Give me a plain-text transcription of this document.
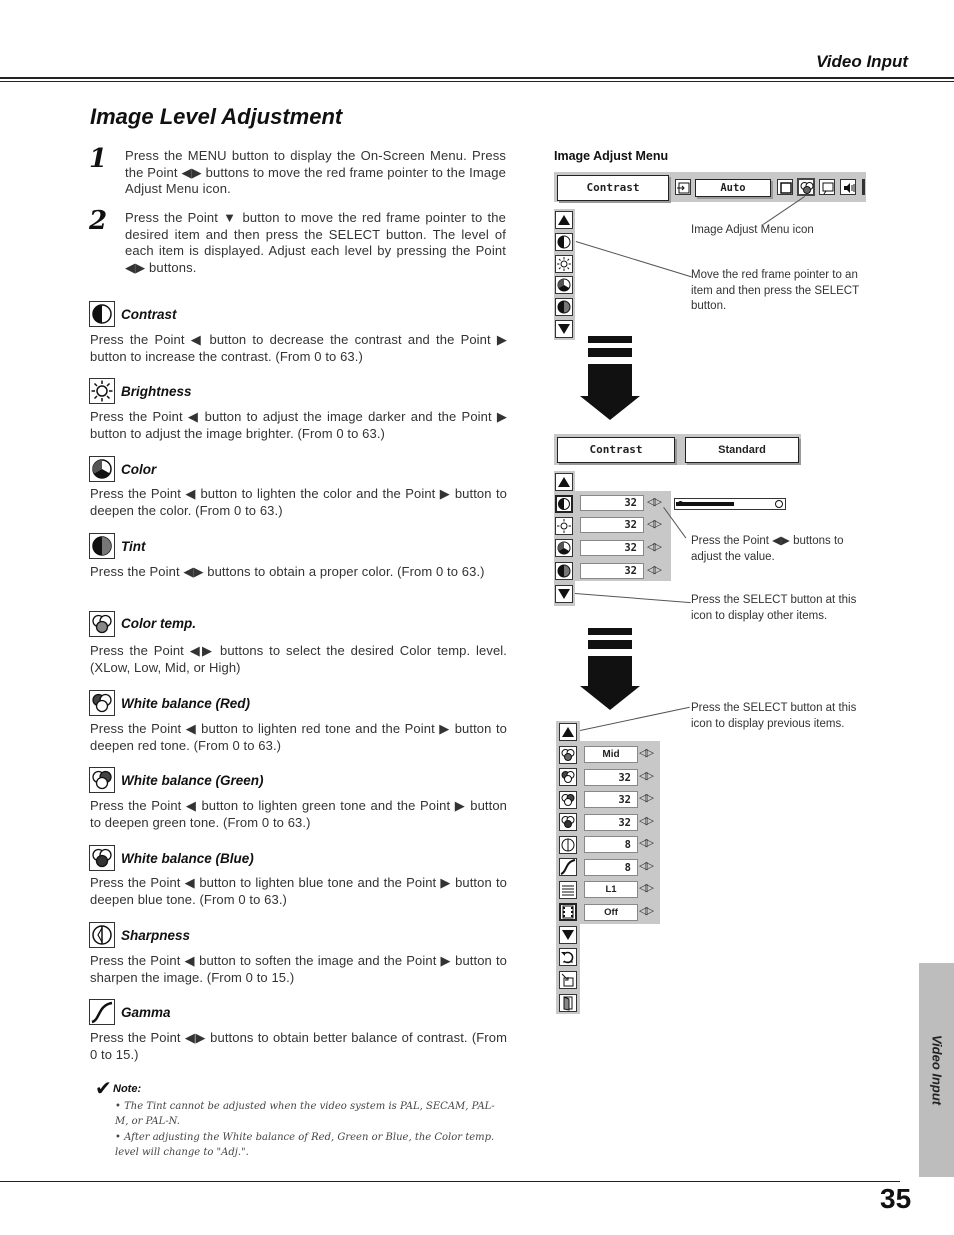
Video Input
Image Level Adjustment
1 Press the MENU button to display the On-Screen Menu. Press the Point ◀▶ buttons to move the red frame pointer to the Image Adjust Menu icon.
2 Press the Point ▼ button to move the red frame pointer to the desired item and then press the SELECT button. The level of each item is displayed. Adjust each level by pressing the Point ◀▶ buttons.
Contrast
Press the Point ◀ button to decrease the contrast and the Point ▶ button to increase the contrast. (From 0 to 63.)
Brightness
Press the Point ◀ button to adjust the image darker and the Point ▶ button to adjust the image brighter. (From 0 to 63.)
Color
Press the Point ◀ button to lighten the color and the Point ▶ button to deepen the color. (From 0 to 63.)
Tint
Press the Point ◀▶ buttons to obtain a proper color. (From 0 to 63.)
Color temp.
Press the Point ◀▶ buttons to select the desired Color temp. level. (XLow, Low, Mid, or High)
White balance (Red)
Press the Point ◀ button to lighten red tone and the Point ▶ button to deepen red tone. (From 0 to 63.)
White balance (Green)
Press the Point ◀ button to lighten green tone and the Point ▶ button to deepen green tone. (From 0 to 63.)
White balance (Blue)
Press the Point ◀ button to lighten blue tone and the Point ▶ button to deepen blue tone. (From 0 to 63.)
Sharpness
Press the Point ◀ button to soften the image and the Point ▶ button to sharpen the image. (From 0 to 15.)
Gamma
Press the Point ◀▶ buttons to obtain better balance of contrast. (From 0 to 15.)
✔ Note:
• The Tint cannot be adjusted when the video system is PAL, SECAM, PAL-M, or PAL-N.
• After adjusting the White balance of Red, Green or Blue, the Color temp. level will change to "Adj.".
Image Adjust Menu
Contrast	Auto
Image Adjust Menu icon
Move the red frame pointer to an item and then press the SELECT button.
Contrast	Standard
32
32
32
32
◁▷
◁▷
◁▷
◁▷
Press the Point ◀▶ buttons to adjust the value.
Press the SELECT button at this icon to display other items.
Mid
32
32
32
8
8
L1
Off
◁▷
◁▷
◁▷
◁▷
◁▷
◁▷
◁▷
◁▷
Press the SELECT button at this icon to display previous items.
Video Input
35
